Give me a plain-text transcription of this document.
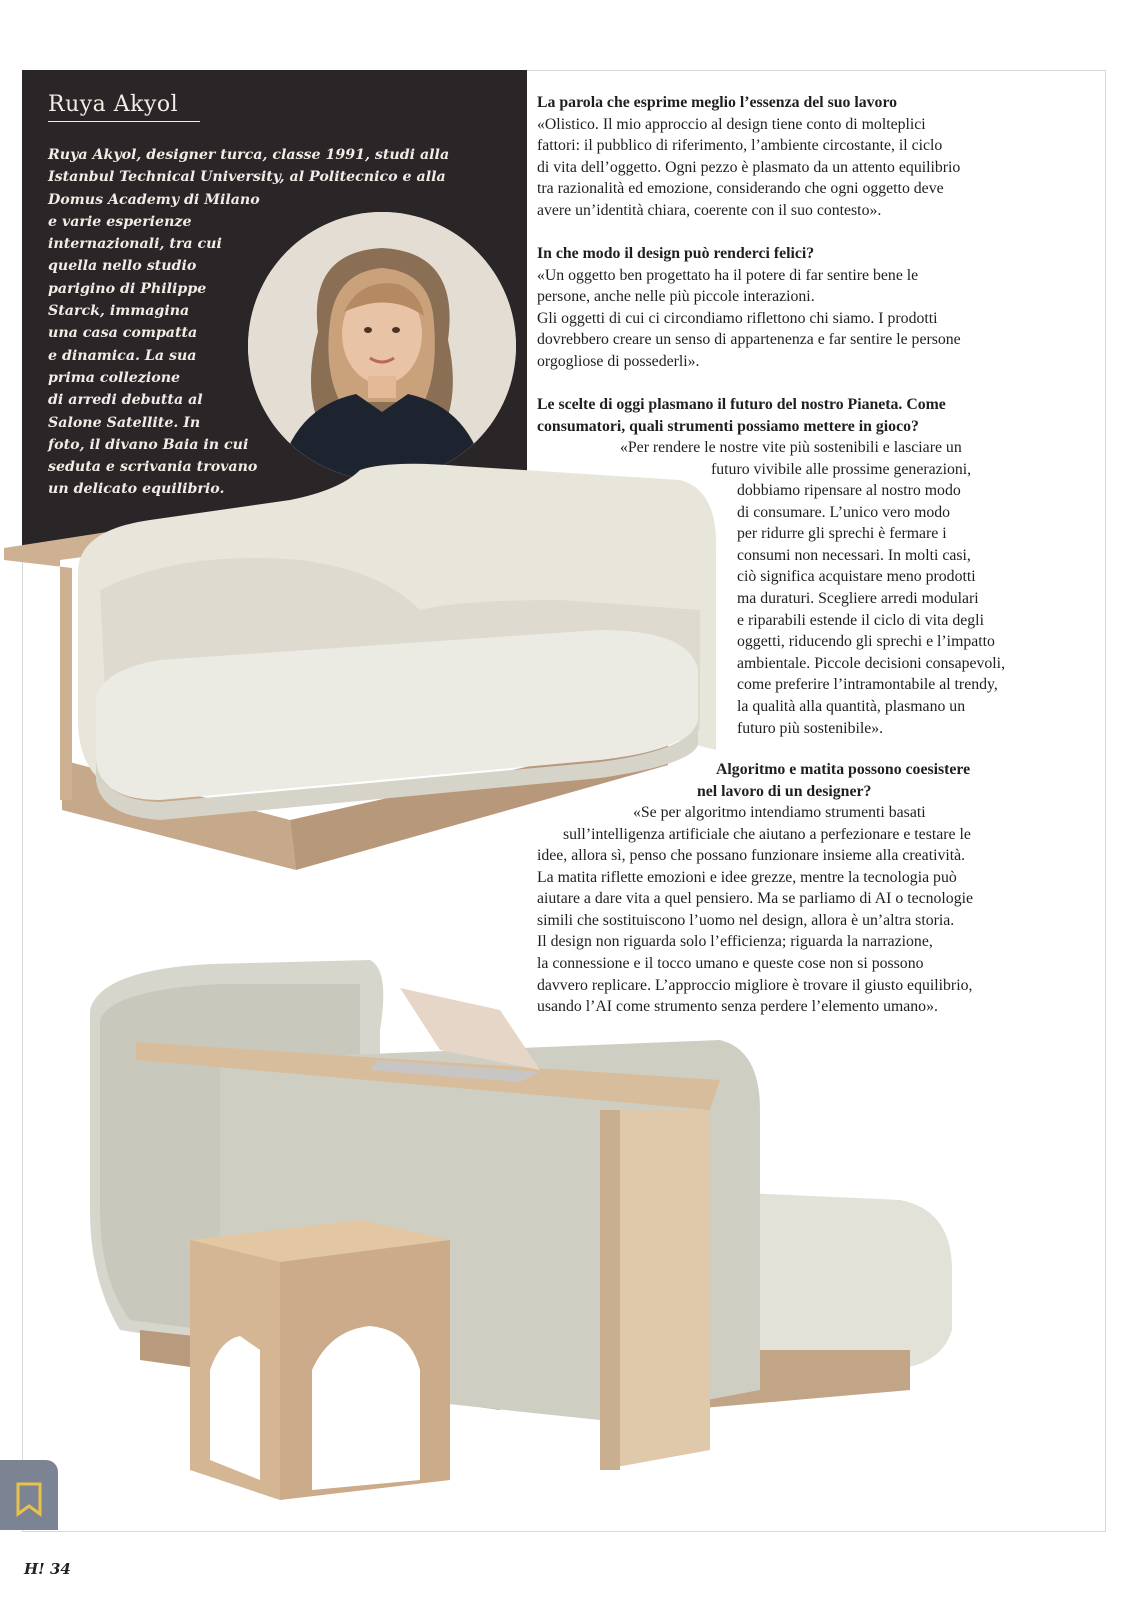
Ruya Akyol
Ruya Akyol, designer turca, classe 1991, studi alla
Istanbul Technical University, al Politecnico e alla
Domus Academy di Milano
e varie esperienze
internazionali, tra cui
quella nello studio
parigino di Philippe
Starck, immagina
una casa compatta
e dinamica. La sua
prima collezione
di arredi debutta al
Salone Satellite. In
foto, il divano Baia in cui
seduta e scrivania trovano
un delicato equilibrio.
La parola che esprime meglio l’essenza del suo lavoro
«Olistico. Il mio approccio al design tiene conto di molteplici
fattori: il pubblico di riferimento, l’ambiente circostante, il ciclo
di vita dell’oggetto. Ogni pezzo è plasmato da un attento equilibrio
tra razionalità ed emozione, considerando che ogni oggetto deve
avere un’identità chiara, coerente con il suo contesto».
In che modo il design può renderci felici?
«Un oggetto ben progettato ha il potere di far sentire bene le
persone, anche nelle più piccole interazioni.
Gli oggetti di cui ci circondiamo riflettono chi siamo. I prodotti
dovrebbero creare un senso di appartenenza e far sentire le persone
orgogliose di possederli».
Le scelte di oggi plasmano il futuro del nostro Pianeta. Come
consumatori, quali strumenti possiamo mettere in gioco?
«Per rendere le nostre vite più sostenibili e lasciare un
futuro vivibile alle prossime generazioni,
dobbiamo ripensare al nostro modo
di consumare. L’unico vero modo
per ridurre gli sprechi è fermare i
consumi non necessari. In molti casi,
ciò significa acquistare meno prodotti
ma duraturi. Scegliere arredi modulari
e riparabili estende il ciclo di vita degli
oggetti, riducendo gli sprechi e l’impatto
ambientale. Piccole decisioni consapevoli,
come preferire l’intramontabile al trendy,
la qualità alla quantità, plasmano un
futuro più sostenibile».
Algoritmo e matita possono coesistere
nel lavoro di un designer?
«Se per algoritmo intendiamo strumenti basati
sull’intelligenza artificiale che aiutano a perfezionare e testare le
idee, allora sì, penso che possano funzionare insieme alla creatività.
La matita riflette emozioni e idee grezze, mentre la tecnologia può
aiutare a dare vita a quel pensiero. Ma se parliamo di AI o tecnologie
simili che sostituiscono l’uomo nel design, allora è un’altra storia.
Il design non riguarda solo l’efficienza; riguarda la narrazione,
la connessione e il tocco umano e queste cose non si possono
davvero replicare. L’approccio migliore è trovare il giusto equilibrio,
usando l’AI come strumento senza perdere l’elemento umano».
H! 34
